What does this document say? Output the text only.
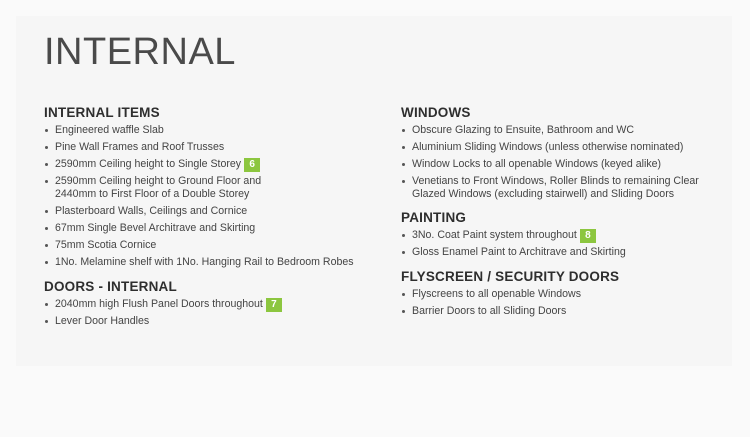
INTERNAL
INTERNAL ITEMS
Engineered waffle Slab
Pine Wall Frames and Roof Trusses
2590mm Ceiling height to Single Storey 6
2590mm Ceiling height to Ground Floor and
2440mm to First Floor of a Double Storey
Plasterboard Walls, Ceilings and Cornice
67mm Single Bevel Architrave and Skirting
75mm Scotia Cornice
1No. Melamine shelf with 1No. Hanging Rail to Bedroom Robes
DOORS - INTERNAL
2040mm high Flush Panel Doors throughout 7
Lever Door Handles
WINDOWS
Obscure Glazing to Ensuite, Bathroom and WC
Aluminium Sliding Windows (unless otherwise nominated)
Window Locks to all openable Windows (keyed alike)
Venetians to Front Windows, Roller Blinds to remaining Clear
Glazed Windows (excluding stairwell) and Sliding Doors
PAINTING
3No. Coat Paint system throughout 8
Gloss Enamel Paint to Architrave and Skirting
FLYSCREEN / SECURITY DOORS
Flyscreens to all openable Windows
Barrier Doors to all Sliding Doors
